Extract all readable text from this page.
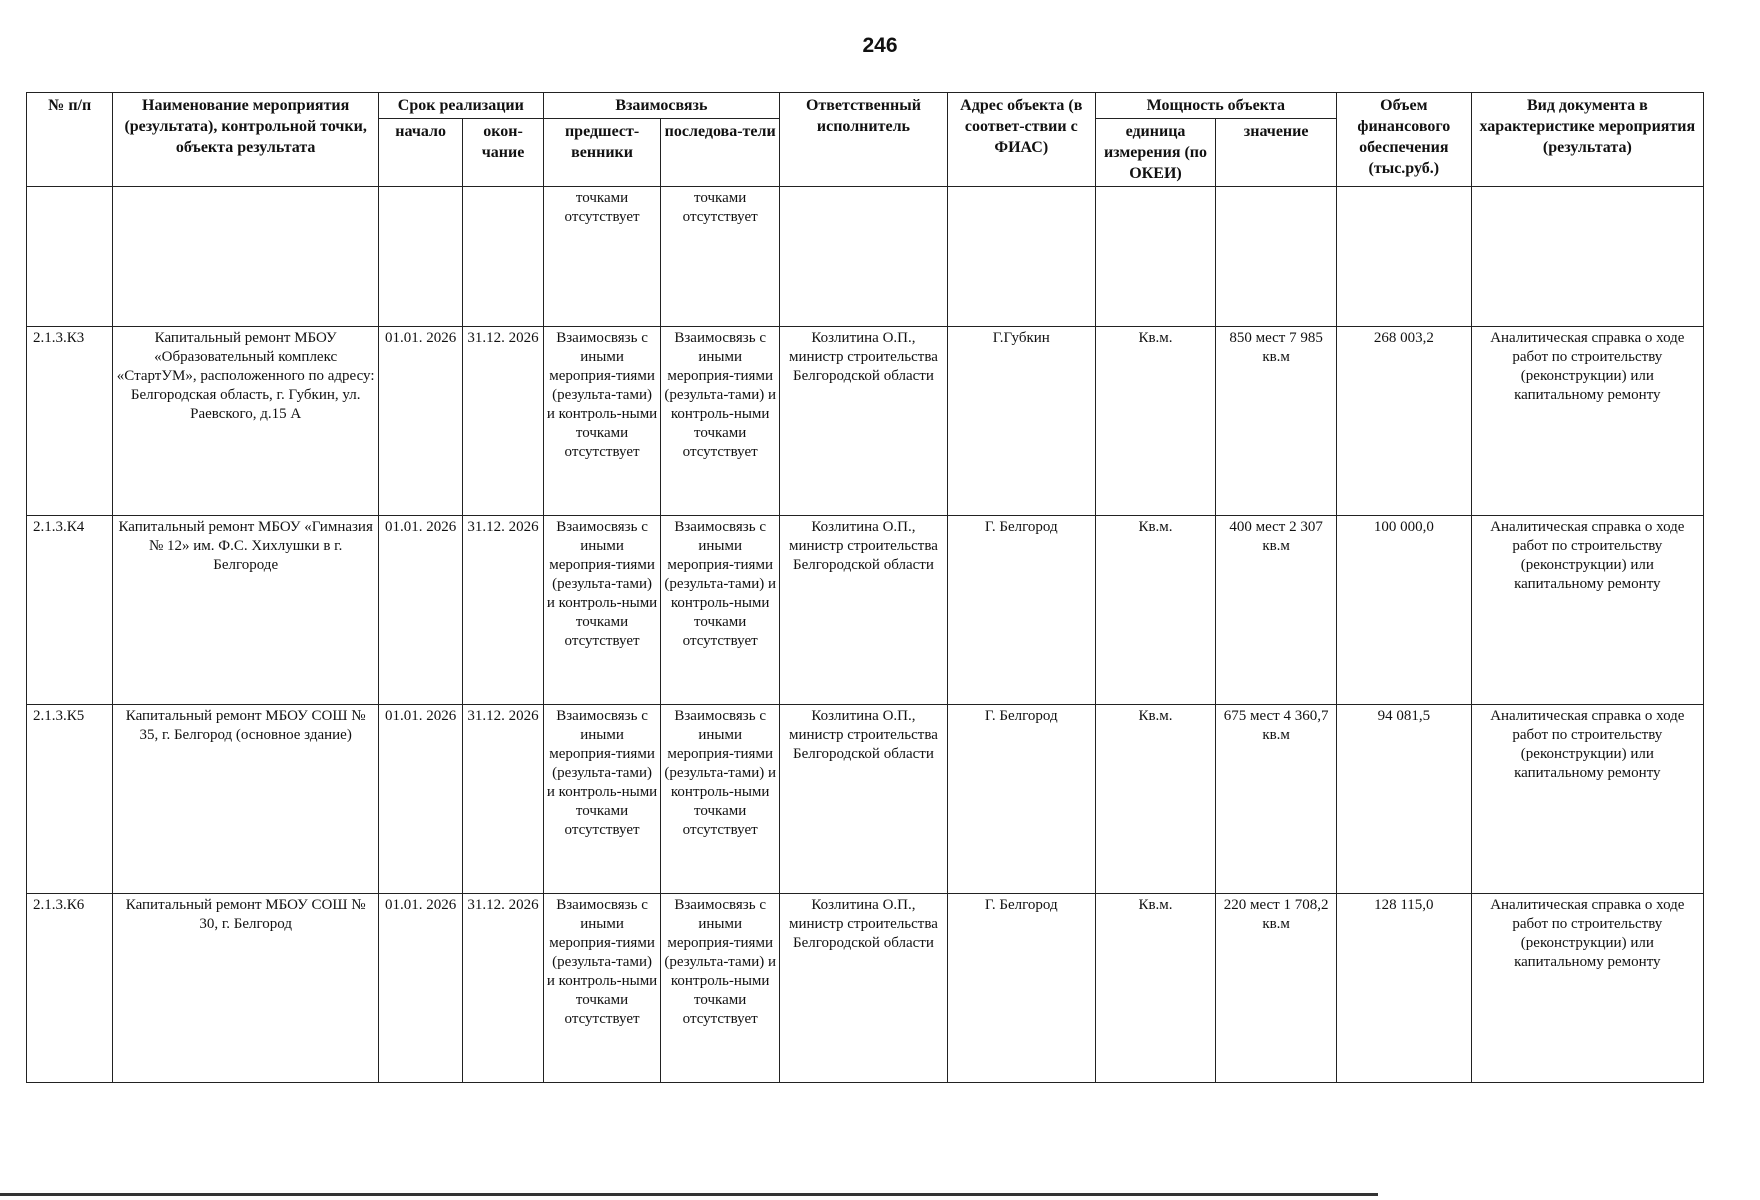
246
№ п/п	Наименование мероприятия (результата), контрольной точки, объекта результата	Срок реализации		Взаимосвязь		Ответственный исполнитель	Адрес объекта (в соответ-ствии с ФИАС)	Мощность объекта		Объем финансового обеспечения (тыс.руб.)	Вид документа в характеристике мероприятия (результата)
		начало	окон-чание	предшест-венники	последова-тели			единица измерения (по ОКЕИ)	значение		
				точками отсутствует	точками отсутствует						
2.1.3.К3	Капитальный ремонт МБОУ «Образовательный комплекс «СтартУМ», расположенного по адресу: Белгородская область, г. Губкин, ул. Раевского, д.15 А	01.01. 2026	31.12. 2026	Взаимосвязь с иными мероприя-тиями (результа-тами) и контроль-ными точками отсутствует	Взаимосвязь с иными мероприя-тиями (результа-тами) и контроль-ными точками отсутствует	Козлитина О.П., министр строительства Белгородской области	Г.Губкин	Кв.м.	850 мест 7 985 кв.м	268 003,2	Аналитическая справка о ходе работ по строительству (реконструкции) или капитальному ремонту
2.1.3.К4	Капитальный ремонт МБОУ «Гимназия № 12» им. Ф.С. Хихлушки в г. Белгороде	01.01. 2026	31.12. 2026	Взаимосвязь с иными мероприя-тиями (результа-тами) и контроль-ными точками отсутствует	Взаимосвязь с иными мероприя-тиями (результа-тами) и контроль-ными точками отсутствует	Козлитина О.П., министр строительства Белгородской области	Г. Белгород	Кв.м.	400 мест 2 307 кв.м	100 000,0	Аналитическая справка о ходе работ по строительству (реконструкции) или капитальному ремонту
2.1.3.К5	Капитальный ремонт МБОУ СОШ № 35, г. Белгород (основное здание)	01.01. 2026	31.12. 2026	Взаимосвязь с иными мероприя-тиями (результа-тами) и контроль-ными точками отсутствует	Взаимосвязь с иными мероприя-тиями (результа-тами) и контроль-ными точками отсутствует	Козлитина О.П., министр строительства Белгородской области	Г. Белгород	Кв.м.	675 мест 4 360,7 кв.м	94 081,5	Аналитическая справка о ходе работ по строительству (реконструкции) или капитальному ремонту
2.1.3.К6	Капитальный ремонт МБОУ СОШ № 30, г. Белгород	01.01. 2026	31.12. 2026	Взаимосвязь с иными мероприя-тиями (результа-тами) и контроль-ными точками отсутствует	Взаимосвязь с иными мероприя-тиями (результа-тами) и контроль-ными точками отсутствует	Козлитина О.П., министр строительства Белгородской области	Г. Белгород	Кв.м.	220 мест 1 708,2 кв.м	128 115,0	Аналитическая справка о ходе работ по строительству (реконструкции) или капитальному ремонту
